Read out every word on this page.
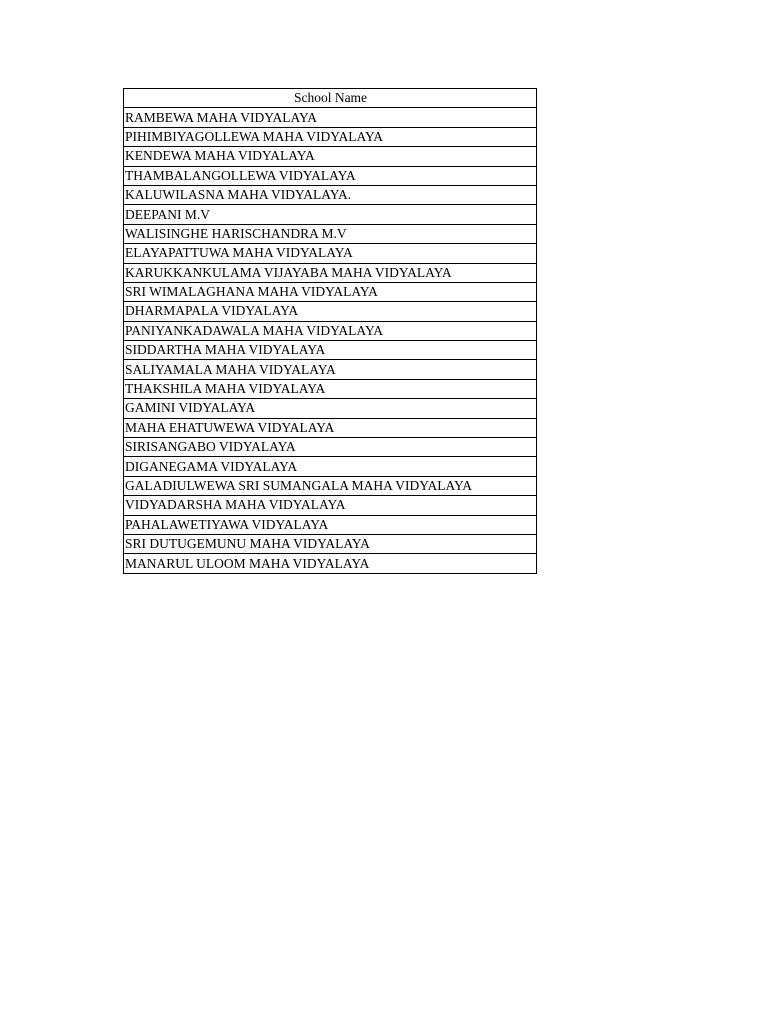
School Name
RAMBEWA MAHA VIDYALAYA
PIHIMBIYAGOLLEWA MAHA VIDYALAYA
KENDEWA MAHA VIDYALAYA
THAMBALANGOLLEWA VIDYALAYA
KALUWILASNA MAHA VIDYALAYA.
DEEPANI M.V
WALISINGHE HARISCHANDRA M.V
ELAYAPATTUWA MAHA VIDYALAYA
KARUKKANKULAMA VIJAYABA MAHA VIDYALAYA
SRI WIMALAGHANA MAHA VIDYALAYA
DHARMAPALA VIDYALAYA
PANIYANKADAWALA MAHA VIDYALAYA
SIDDARTHA MAHA VIDYALAYA
SALIYAMALA MAHA VIDYALAYA
THAKSHILA MAHA VIDYALAYA
GAMINI VIDYALAYA
MAHA EHATUWEWA VIDYALAYA
SIRISANGABO VIDYALAYA
DIGANEGAMA VIDYALAYA
GALADIULWEWA SRI SUMANGALA MAHA VIDYALAYA
VIDYADARSHA MAHA VIDYALAYA
PAHALAWETIYAWA VIDYALAYA
SRI DUTUGEMUNU MAHA VIDYALAYA
MANARUL ULOOM MAHA VIDYALAYA
